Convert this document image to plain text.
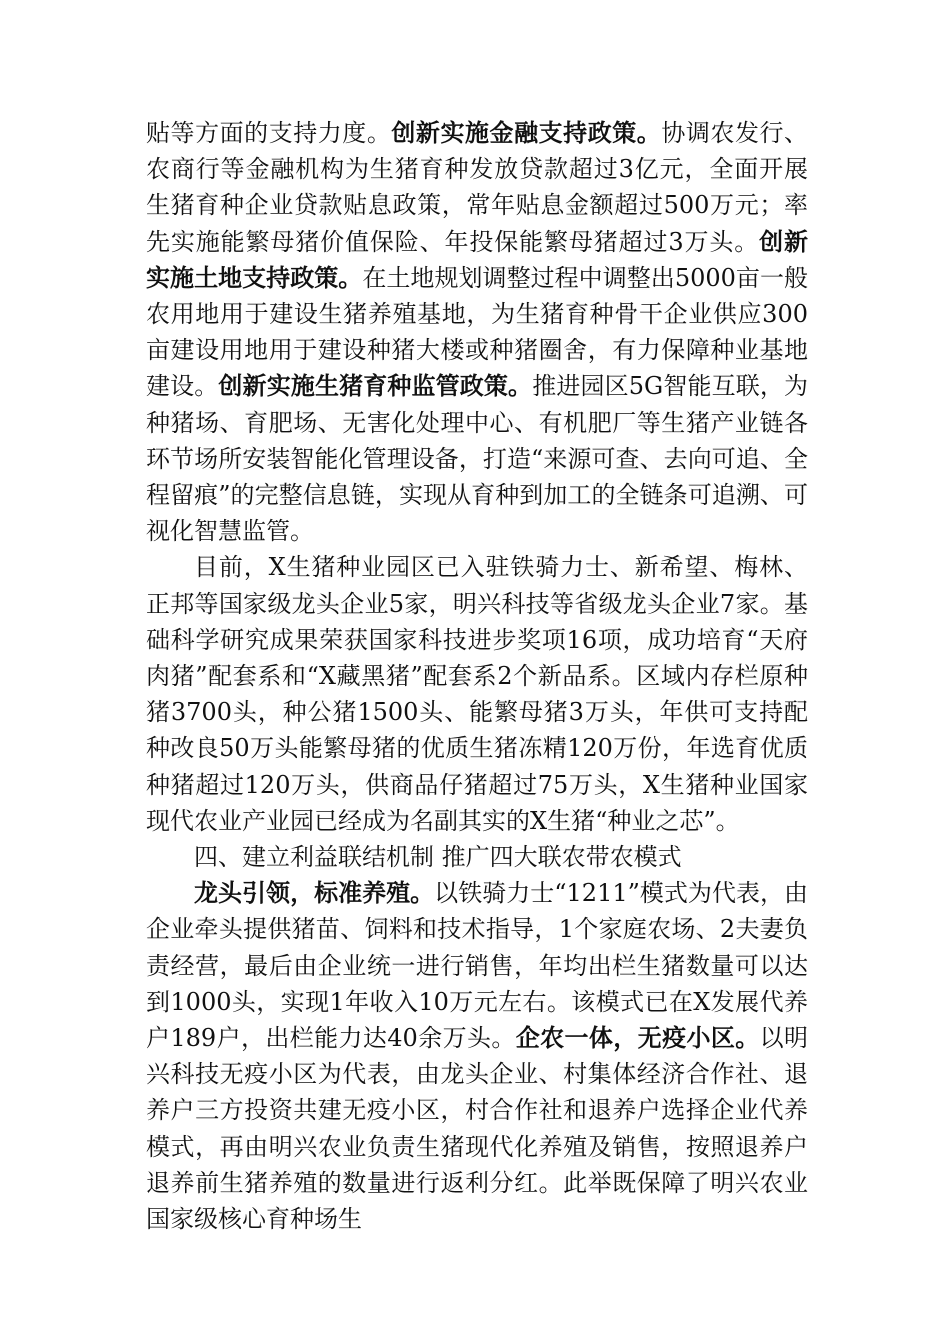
贴等方面的支持力度。创新实施金融支持政策。协调农发行、农商行等金融机构为生猪育种发放贷款超过3亿元，全面开展生猪育种企业贷款贴息政策，常年贴息金额超过500万元；率先实施能繁母猪价值保险、年投保能繁母猪超过3万头。创新实施土地支持政策。在土地规划调整过程中调整出5000亩一般农用地用于建设生猪养殖基地，为生猪育种骨干企业供应300亩建设用地用于建设种猪大楼或种猪圈舍，有力保障种业基地建设。创新实施生猪育种监管政策。推进园区5G智能互联，为种猪场、育肥场、无害化处理中心、有机肥厂等生猪产业链各环节场所安装智能化管理设备，打造“来源可查、去向可追、全程留痕”的完整信息链，实现从育种到加工的全链条可追溯、可视化智慧监管。

目前，X生猪种业园区已入驻铁骑力士、新希望、梅林、正邦等国家级龙头企业5家，明兴科技等省级龙头企业7家。基础科学研究成果荣获国家科技进步奖项16项，成功培育“天府肉猪”配套系和“X藏黑猪”配套系2个新品系。区域内存栏原种猪3700头，种公猪1500头、能繁母猪3万头，年供可支持配种改良50万头能繁母猪的优质生猪冻精120万份，年选育优质种猪超过120万头，供商品仔猪超过75万头，X生猪种业国家现代农业产业园已经成为名副其实的X生猪“种业之芯”。

四、建立利益联结机制 推广四大联农带农模式

龙头引领，标准养殖。以铁骑力士“1211”模式为代表，由企业牵头提供猪苗、饲料和技术指导，1个家庭农场、2夫妻负责经营，最后由企业统一进行销售，年均出栏生猪数量可以达到1000头，实现1年收入10万元左右。该模式已在X发展代养户189户，出栏能力达40余万头。企农一体，无疫小区。以明兴科技无疫小区为代表，由龙头企业、村集体经济合作社、退养户三方投资共建无疫小区，村合作社和退养户选择企业代养模式，再由明兴农业负责生猪现代化养殖及销售，按照退养户退养前生猪养殖的数量进行返利分红。此举既保障了明兴农业国家级核心育种场生
